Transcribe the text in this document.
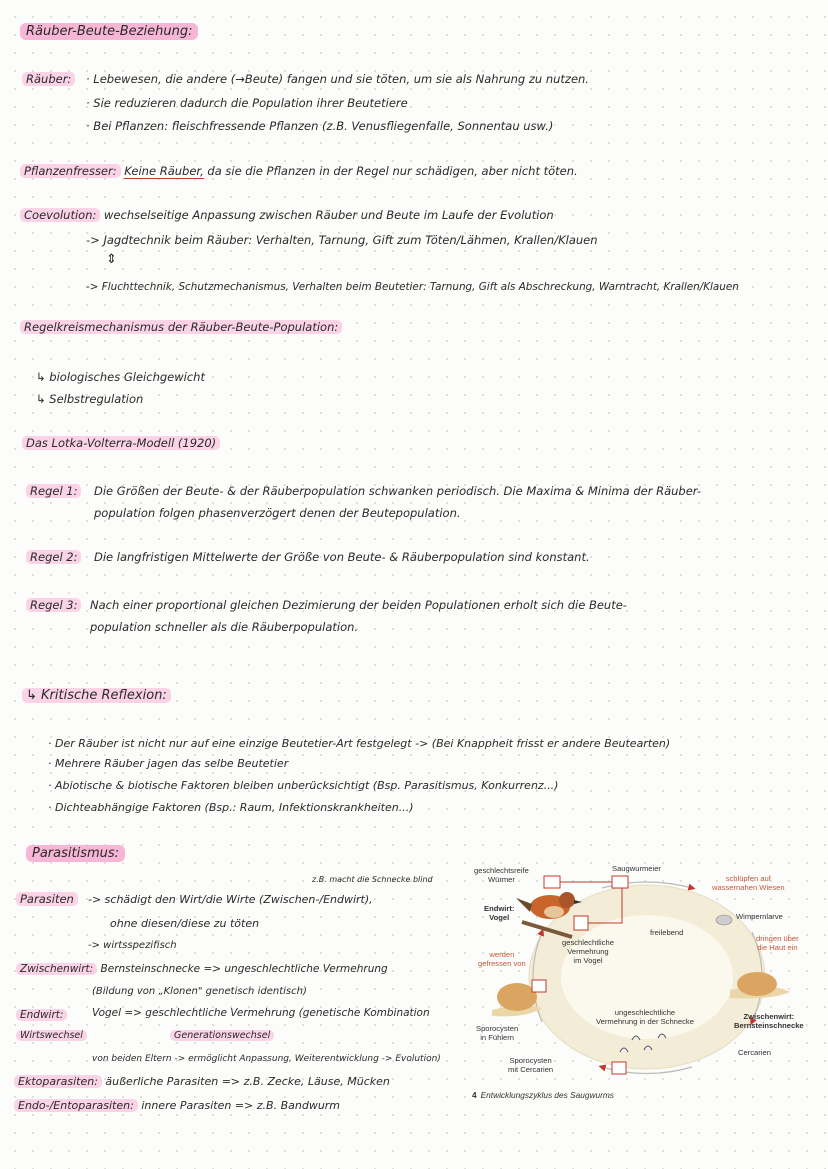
Räuber-Beute-Beziehung:
Räuber:	· Lebewesen, die andere (→Beute) fangen und sie töten, um sie als Nahrung zu nutzen.
· Sie reduzieren dadurch die Population ihrer Beutetiere
· Bei Pflanzen: fleischfressende Pflanzen (z.B. Venusfliegenfalle, Sonnentau usw.)
Pflanzenfresser: Keine Räuber, da sie die Pflanzen in der Regel nur schädigen, aber nicht töten.
Coevolution: wechselseitige Anpassung zwischen Räuber und Beute im Laufe der Evolution
-> Jagdtechnik beim Räuber: Verhalten, Tarnung, Gift zum Töten/Lähmen, Krallen/Klauen
⇕
-> Fluchttechnik, Schutzmechanismus, Verhalten beim Beutetier: Tarnung, Gift als Abschreckung, Warntracht, Krallen/Klauen
Regelkreismechanismus der Räuber-Beute-Population:
↳ biologisches Gleichgewicht
↳ Selbstregulation
Das Lotka-Volterra-Modell (1920)
Regel 1:	Die Größen der Beute- & der Räuberpopulation schwanken periodisch. Die Maxima & Minima der Räuber-
population folgen phasenverzögert denen der Beutepopulation.
Regel 2:	Die langfristigen Mittelwerte der Größe von Beute- & Räuberpopulation sind konstant.
Regel 3:	Nach einer proportional gleichen Dezimierung der beiden Populationen erholt sich die Beute-
population schneller als die Räuberpopulation.
↳ Kritische Reflexion:
· Der Räuber ist nicht nur auf eine einzige Beutetier-Art festgelegt -> (Bei Knappheit frisst er andere Beutearten)
· Mehrere Räuber jagen das selbe Beutetier
· Abiotische & biotische Faktoren bleiben unberücksichtigt (Bsp. Parasitismus, Konkurrenz...)
· Dichteabhängige Faktoren (Bsp.: Raum, Infektionskrankheiten...)
Parasitismus:
z.B. macht die Schnecke blind
Parasiten	-> schädigt den Wirt/die Wirte (Zwischen-/Endwirt),
ohne diesen/diese zu töten
-> wirtsspezifisch
Zwischenwirt: Bernsteinschnecke => ungeschlechtliche Vermehrung
(Bildung von „Klonen" genetisch identisch)
Endwirt:	Vogel => geschlechtliche Vermehrung (genetische Kombination
Wirtswechsel	Generationswechsel
von beiden Eltern -> ermöglicht Anpassung, Weiterentwicklung -> Evolution)
Ektoparasiten: äußerliche Parasiten => z.B. Zecke, Läuse, Mücken
Endo-/Entoparasiten: innere Parasiten => z.B. Bandwurm
geschlechtsreife
Würmer
Saugwurmeier
schlüpfen auf
wassernahen Wiesen
Endwirt:
Vogel	Wimpernlarve
freilebend
dringen über
die Haut ein
werden
gefressen von
geschlechtliche
Vermehrung
im Vogel
ungeschlechtliche
Vermehrung in der Schnecke
Zwischenwirt:
Bernsteinschnecke
Sporocysten
in Fühlern
Cercarien
Sporocysten
mit Cercarien
4 Entwicklungszyklus des Saugwurms
